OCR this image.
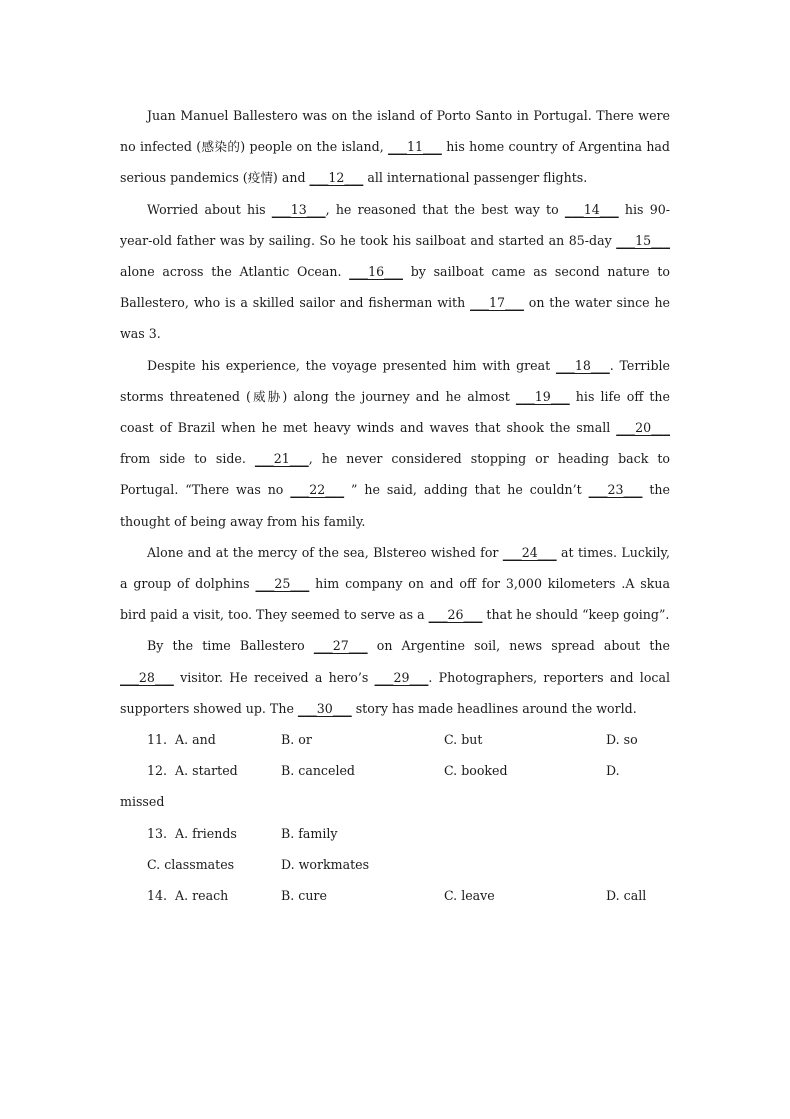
Juan Manuel Ballestero was on the island of Porto Santo in Portugal. There were no infected (感染的) people on the island, ___11___ his home country of Argentina had serious pandemics (疫情) and ___12___ all international passenger flights.

Worried about his ___13___, he reasoned that the best way to ___14___ his 90-year-old father was by sailing. So he took his sailboat and started an 85-day ___15___ alone across the Atlantic Ocean. ___16___ by sailboat came as second nature to Ballestero, who is a skilled sailor and fisherman with ___17___ on the water since he was 3.

Despite his experience, the voyage presented him with great ___18___. Terrible storms threatened (威胁) along the journey and he almost ___19___ his life off the coast of Brazil when he met heavy winds and waves that shook the small ___20___ from side to side. ___21___, he never considered stopping or heading back to Portugal. “There was no ___22___ ” he said, adding that he couldn’t ___23___ the thought of being away from his family.

Alone and at the mercy of the sea, Blstereo wished for ___24___ at times. Luckily, a group of dolphins ___25___ him company on and off for 3,000 kilometers .A skua bird paid a visit, too. They seemed to serve as a ___26___ that he should “keep going”.

By the time Ballestero ___27___ on Argentine soil, news spread about the ___28___ visitor. He received a hero’s ___29___. Photographers, reporters and local supporters showed up. The ___30___ story has made headlines around the world.

11. A. and	B. or	C. but	D. so
12. A. started	B. canceled	C. booked	D.
missed
13. A. friends	B. family
C. classmates	D. workmates
14. A. reach	B. cure	C. leave	D. call
